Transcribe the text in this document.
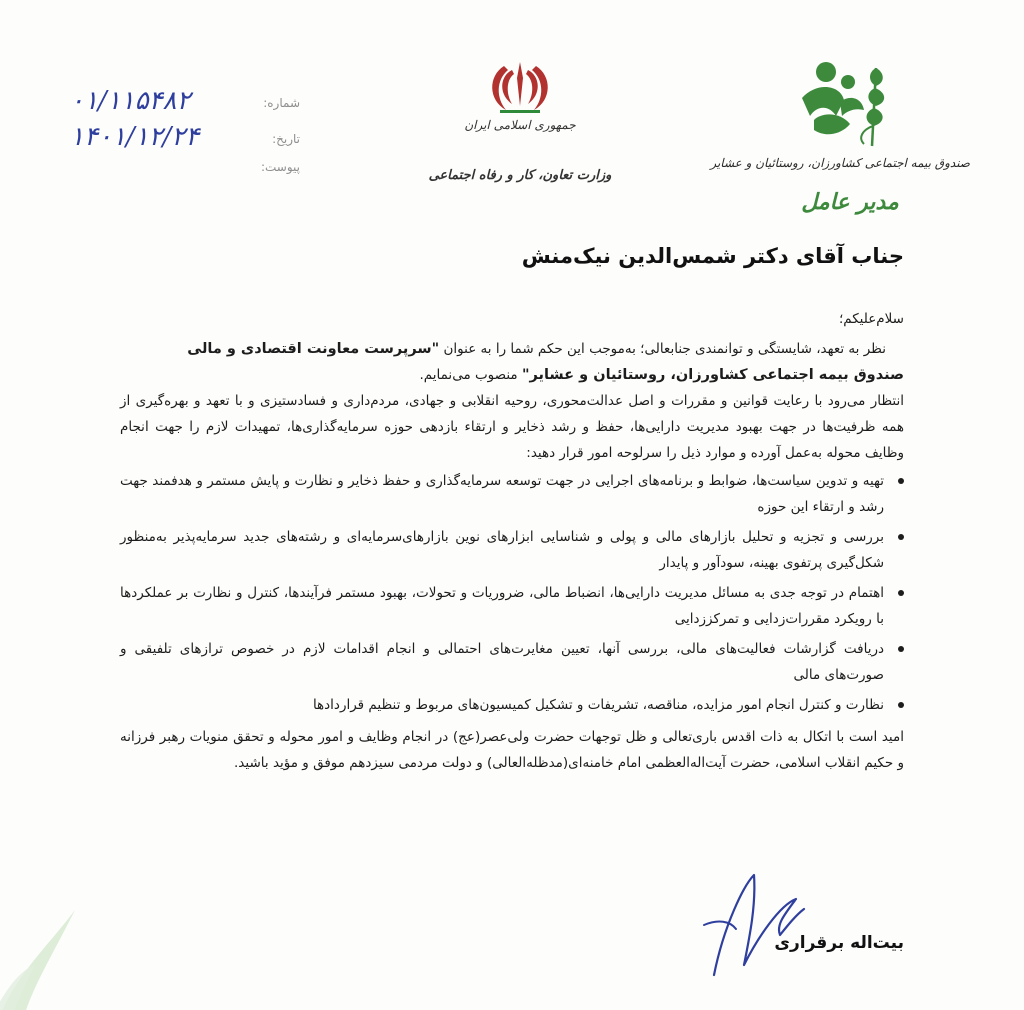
شماره:
۰۱/۱۱۵۴۸۲
تاریخ:
۱۴۰۱/۱۲/۲۴
پیوست:
جمهوری اسلامی ایران
وزارت تعاون، کار و رفاه اجتماعی
صندوق بیمه اجتماعی کشاورزان، روستائیان و عشایر
مدیر عامل
جناب آقای دکتر شمس‌الدین نیک‌منش

سلام‌علیکم؛

نظر به تعهد، شایستگی و توانمندی جنابعالی؛ به‌موجب این حکم شما را به عنوان "سرپرست معاونت اقتصادی و مالی
صندوق بیمه اجتماعی کشاورزان، روستائیان و عشایر" منصوب می‌نمایم.

انتظار می‌رود با رعایت قوانین و مقررات و اصل عدالت‌محوری، روحیه انقلابی و جهادی، مردم‌داری و فسادستیزی و با تعهد و بهره‌گیری از همه ظرفیت‌ها در جهت بهبود مدیریت دارایی‌ها، حفظ و رشد ذخایر و ارتقاء بازدهی حوزه سرمایه‌گذاری‌ها، تمهیدات لازم را جهت انجام وظایف محوله به‌عمل آورده و موارد ذیل را سرلوحه امور قرار دهید:

تهیه و تدوین سیاست‌ها، ضوابط و برنامه‌های اجرایی در جهت توسعه سرمایه‌گذاری و حفظ ذخایر و نظارت و پایش مستمر و هدفمند جهت رشد و ارتقاء این حوزه
بررسی و تجزیه و تحلیل بازارهای مالی و پولی و شناسایی ابزارهای نوین بازارهای‌سرمایه‌ای و رشته‌های جدید سرمایه‌پذیر به‌منظور شکل‌گیری پرتفوی بهینه، سودآور و پایدار
اهتمام در توجه جدی به مسائل مدیریت دارایی‌ها، انضباط مالی، ضروریات و تحولات، بهبود مستمر فرآیندها، کنترل و نظارت بر عملکردها با رویکرد مقررات‌زدایی و تمرکززدایی
دریافت گزارشات فعالیت‌های مالی، بررسی آنها، تعیین مغایرت‌های احتمالی و انجام اقدامات لازم در خصوص ترازهای تلفیقی و صورت‌های مالی
نظارت و کنترل انجام امور مزایده، مناقصه، تشریفات و تشکیل کمیسیون‌های مربوط و تنظیم قراردادها

امید است با اتکال به ذات اقدس باری‌تعالی و ظل توجهات حضرت ولی‌عصر(عج) در انجام وظایف و امور محوله و تحقق منویات رهبر فرزانه و حکیم انقلاب اسلامی، حضرت آیت‌اله‌العظمی امام خامنه‌ای(مدظله‌العالی) و دولت مردمی سیزدهم موفق و مؤید باشید.

بیت‌اله برقراری
